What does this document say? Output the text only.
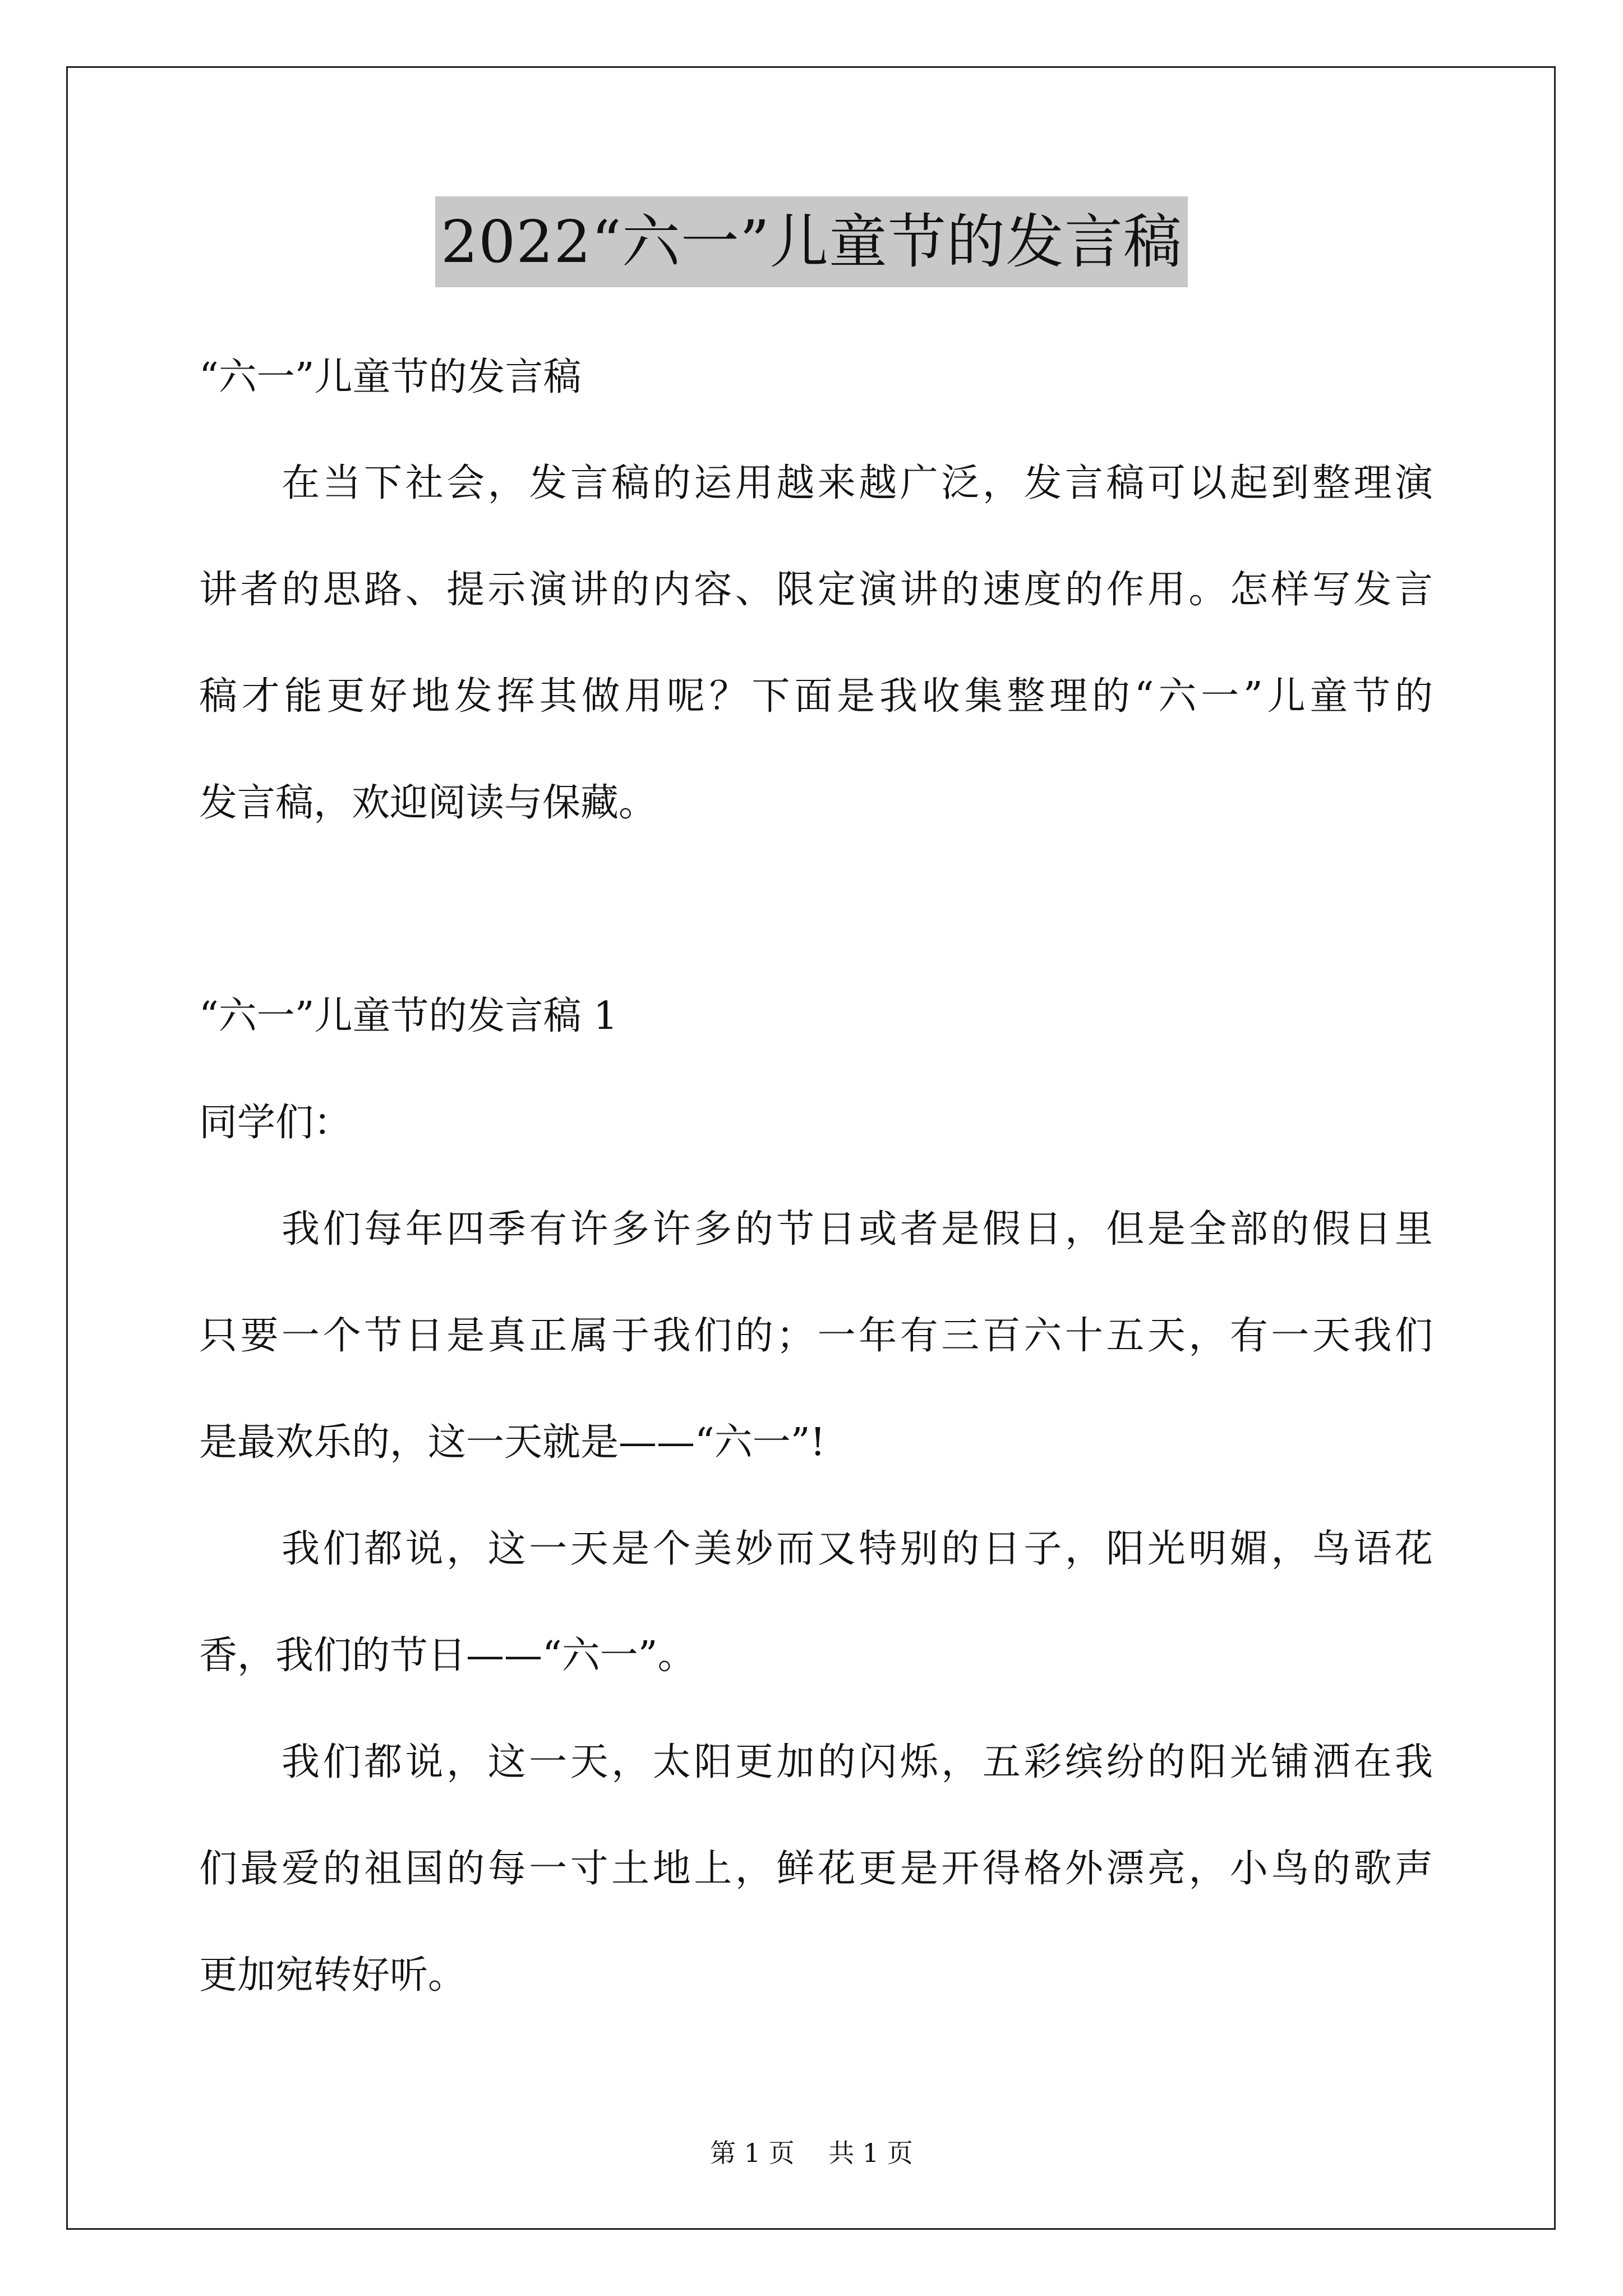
2022“六一”儿童节的发言稿
“六一”儿童节的发言稿
　　在当下社会，发言稿的运用越来越广泛，发言稿可以起到整理演
讲者的思路、提示演讲的内容、限定演讲的速度的作用。怎样写发言
稿才能更好地发挥其做用呢？下面是我收集整理的“六一”儿童节的
发言稿，欢迎阅读与保藏。
“六一”儿童节的发言稿 1
同学们：
　　我们每年四季有许多许多的节日或者是假日，但是全部的假日里
只要一个节日是真正属于我们的；一年有三百六十五天，有一天我们
是最欢乐的，这一天就是——“六一”!
　　我们都说，这一天是个美妙而又特别的日子，阳光明媚，鸟语花
香，我们的节日——“六一”。
　　我们都说，这一天，太阳更加的闪烁，五彩缤纷的阳光铺洒在我
们最爱的祖国的每一寸土地上，鲜花更是开得格外漂亮，小鸟的歌声
更加宛转好听。
第 1 页　 共 1 页
